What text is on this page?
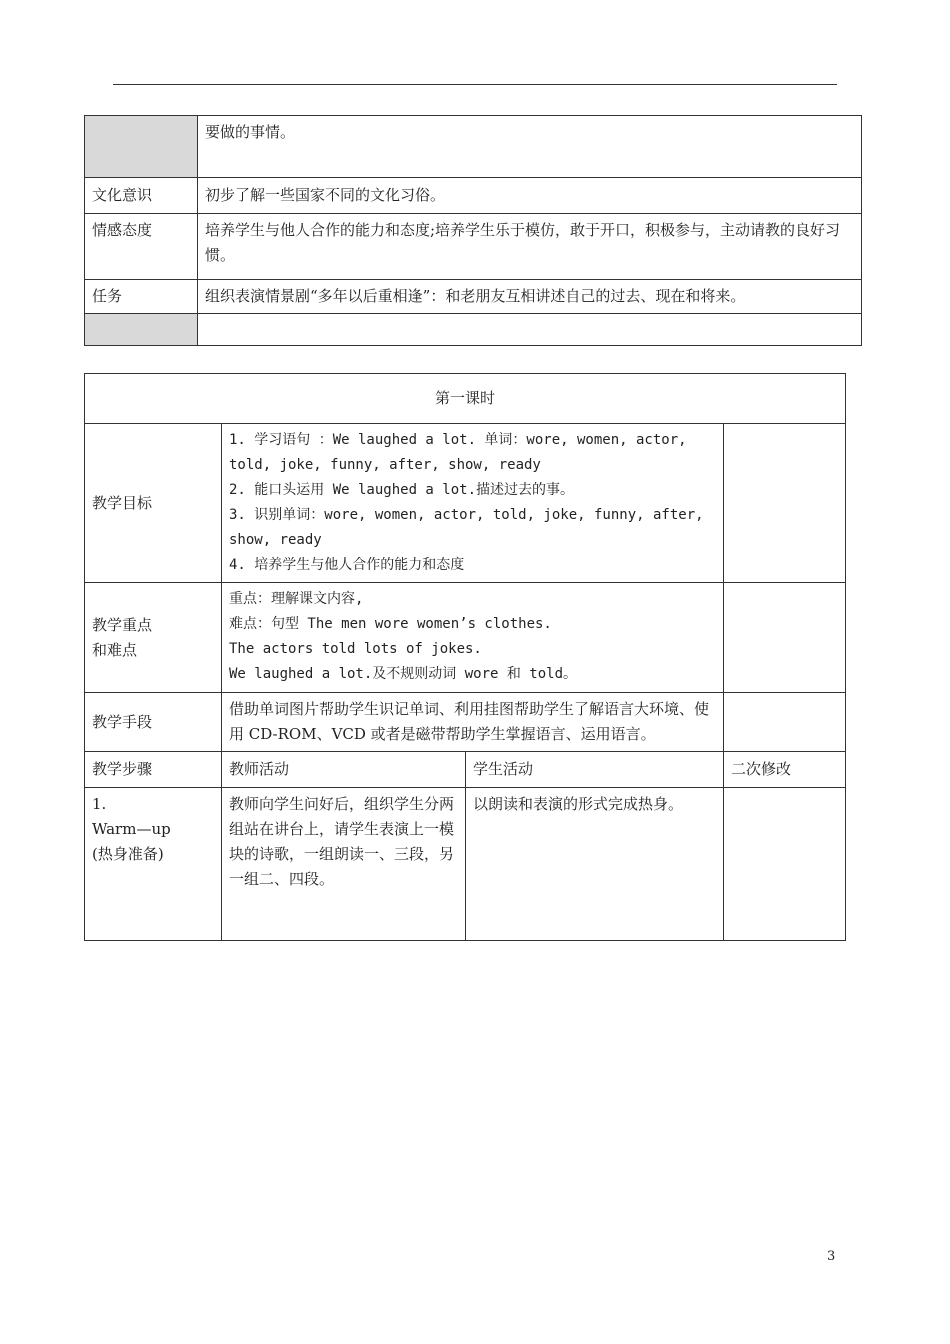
	要做的事情。
文化意识	初步了解一些国家不同的文化习俗。
情感态度	培养学生与他人合作的能力和态度;培养学生乐于模仿，敢于开口，积极参与，主动请教的良好习惯。
任务	组织表演情景剧“多年以后重相逢”：和老朋友互相讲述自己的过去、现在和将来。

第一课时			
教学目标	1. 学习语句 ：We laughed a lot. 单词：wore, women, actor, told, joke, funny, after, show, ready
2. 能口头运用 We laughed a lot.描述过去的事。
3. 识别单词：wore, women, actor, told, joke, funny, after, show, ready
4. 培养学生与他人合作的能力和态度		

教学重点
和难点	重点：理解课文内容,
难点：句型 The men wore women’s clothes.
The actors told lots of jokes.
We laughed a lot.及不规则动词 wore 和 told。		

教学手段	借助单词图片帮助学生识记单词、利用挂图帮助学生了解语言大环境、使用 CD-ROM、VCD 或者是磁带帮助学生掌握语言、运用语言。		
教学步骤	教师活动	学生活动	二次修改

1.
Warm—up
(热身准备)	教师向学生问好后，组织学生分两组站在讲台上，请学生表演上一模块的诗歌，一组朗读一、三段，另一组二、四段。	以朗读和表演的形式完成热身。	
3
